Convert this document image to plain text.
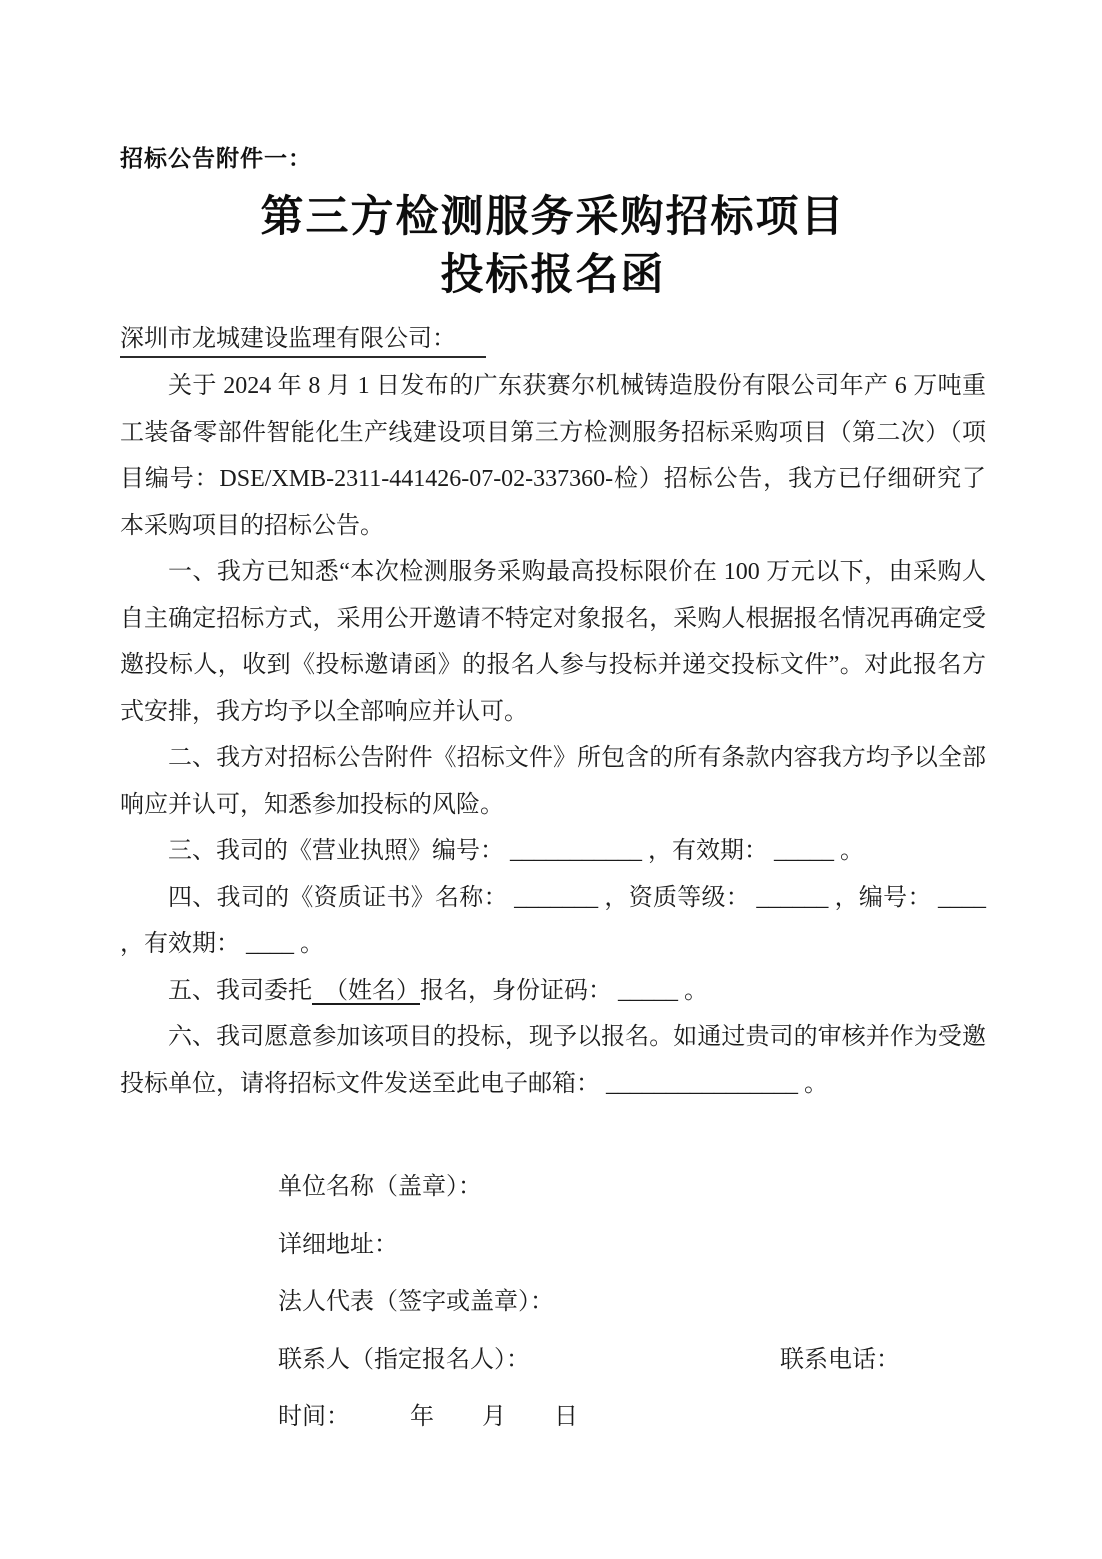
招标公告附件一：
第三方检测服务采购招标项目
投标报名函

深圳市龙城建设监理有限公司：

关于 2024 年 8 月 1 日发布的广东获赛尔机械铸造股份有限公司年产 6 万吨重工装备零部件智能化生产线建设项目第三方检测服务招标采购项目（第二次）（项目编号：DSE/XMB-2311-441426-07-02-337360-检）招标公告，我方已仔细研究了本采购项目的招标公告。

一、我方已知悉“本次检测服务采购最高投标限价在 100 万元以下，由采购人自主确定招标方式，采用公开邀请不特定对象报名，采购人根据报名情况再确定受邀投标人，收到《投标邀请函》的报名人参与投标并递交投标文件”。对此报名方式安排，我方均予以全部响应并认可。

二、我方对招标公告附件《招标文件》所包含的所有条款内容我方均予以全部响应并认可，知悉参加投标的风险。

三、我司的《营业执照》编号： ___________ ，有效期： _____ 。

四、我司的《资质证书》名称： _______ ，资质等级： ______ ，编号： ____ ，有效期： ____ 。

五、我司委托　（姓名）报名，身份证码： _____ 。

六、我司愿意参加该项目的投标，现予以报名。如通过贵司的审核并作为受邀投标单位，请将招标文件发送至此电子邮箱： ________________ 。

单位名称（盖章）：

详细地址：

法人代表（签字或盖章）：

联系人（指定报名人）：	联系电话：

时间：　　　年　　月　　日
